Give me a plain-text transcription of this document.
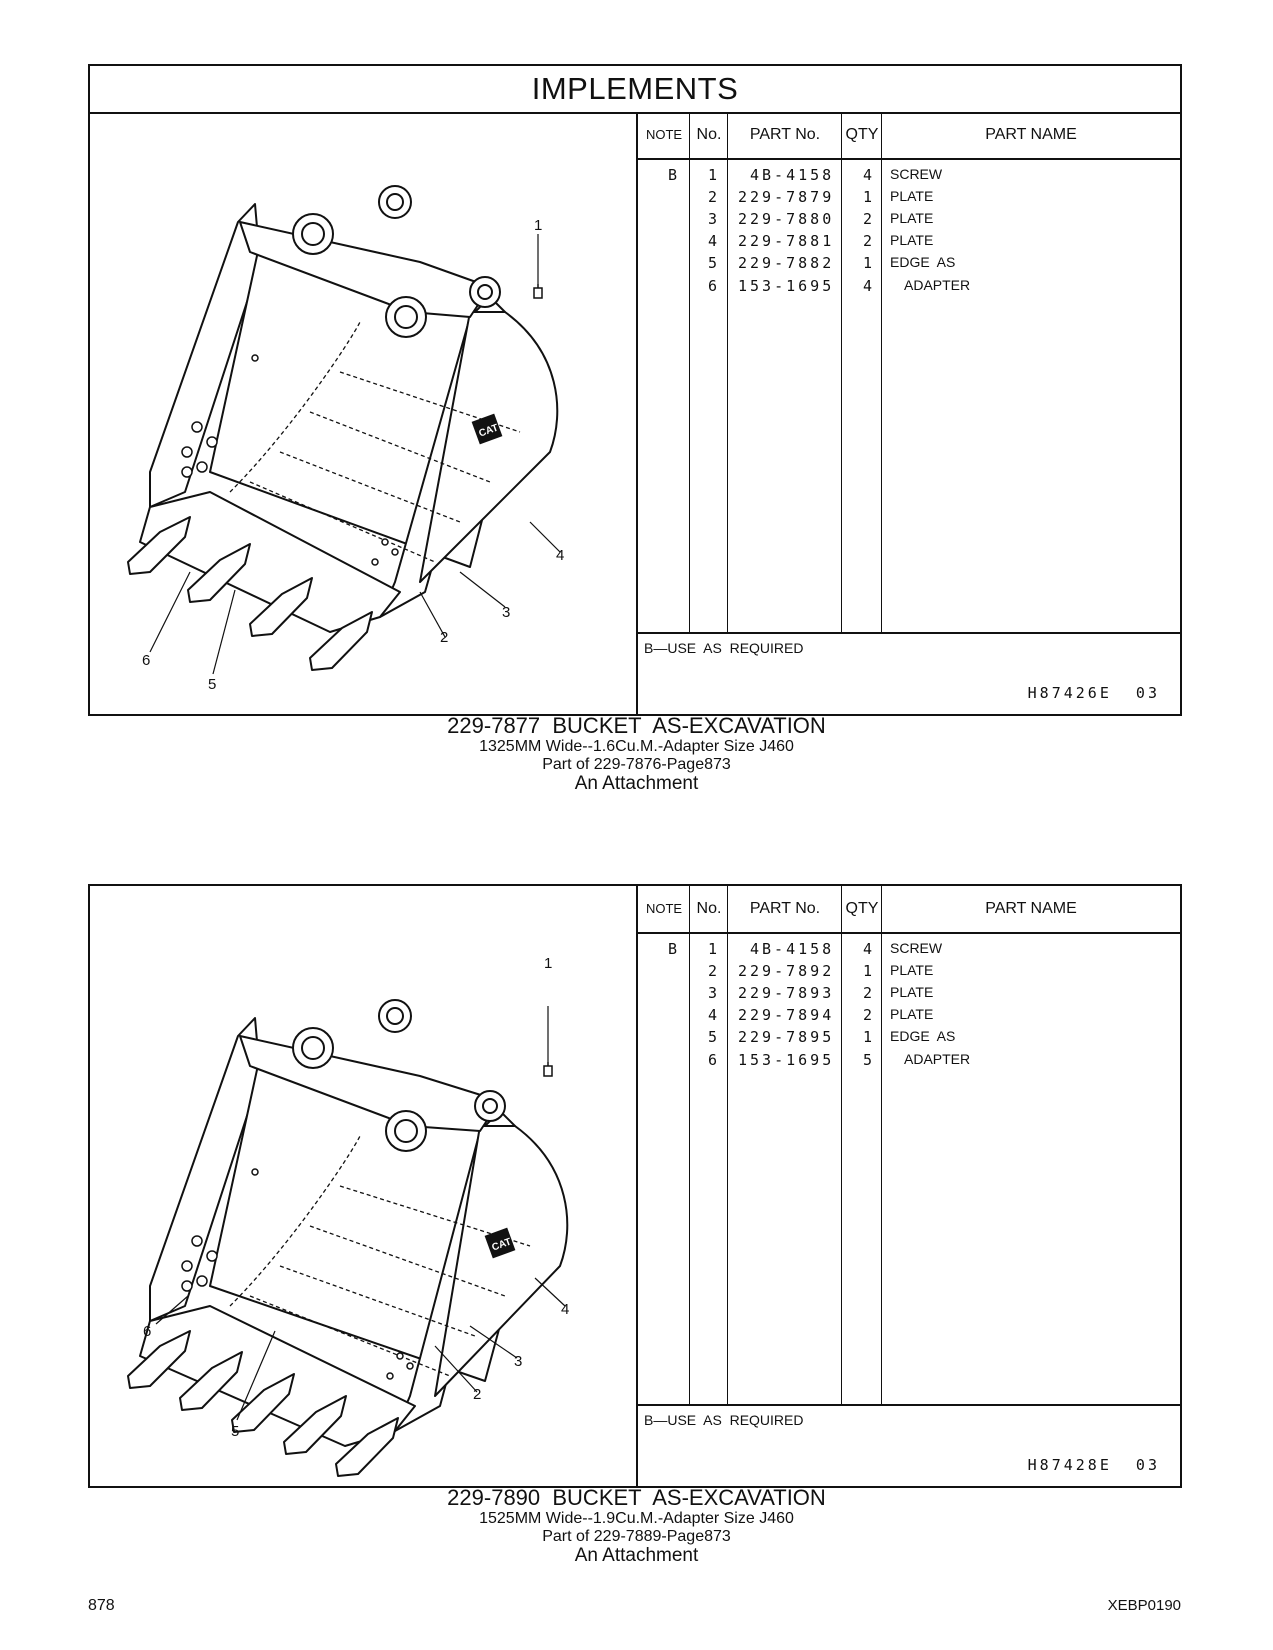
IMPLEMENTS
CAT
1
2
3
4
5
6
NOTE No.	PART No.	QTY	PART NAME
B 1 4B-4158 4 SCREW
2 229-7879 1 PLATE
3 229-7880 2 PLATE
4 229-7881 2 PLATE
5 229-7882 1 EDGE  AS
6 153-1695 4 ADAPTER
B—USE  AS  REQUIRED
H87426E  03
229-7877  BUCKET  AS-EXCAVATION
1325MM Wide--1.6Cu.M.-Adapter Size J460
Part of 229-7876-Page873
An Attachment
CAT
1
2
3
4
5
6
NOTE No.	PART No.	QTY	PART NAME
B 1 4B-4158 4 SCREW
2 229-7892 1 PLATE
3 229-7893 2 PLATE
4 229-7894 2 PLATE
5 229-7895 1 EDGE  AS
6 153-1695 5 ADAPTER
B—USE  AS  REQUIRED
H87428E  03
229-7890  BUCKET  AS-EXCAVATION
1525MM Wide--1.9Cu.M.-Adapter Size J460
Part of 229-7889-Page873
An Attachment
878	XEBP0190
